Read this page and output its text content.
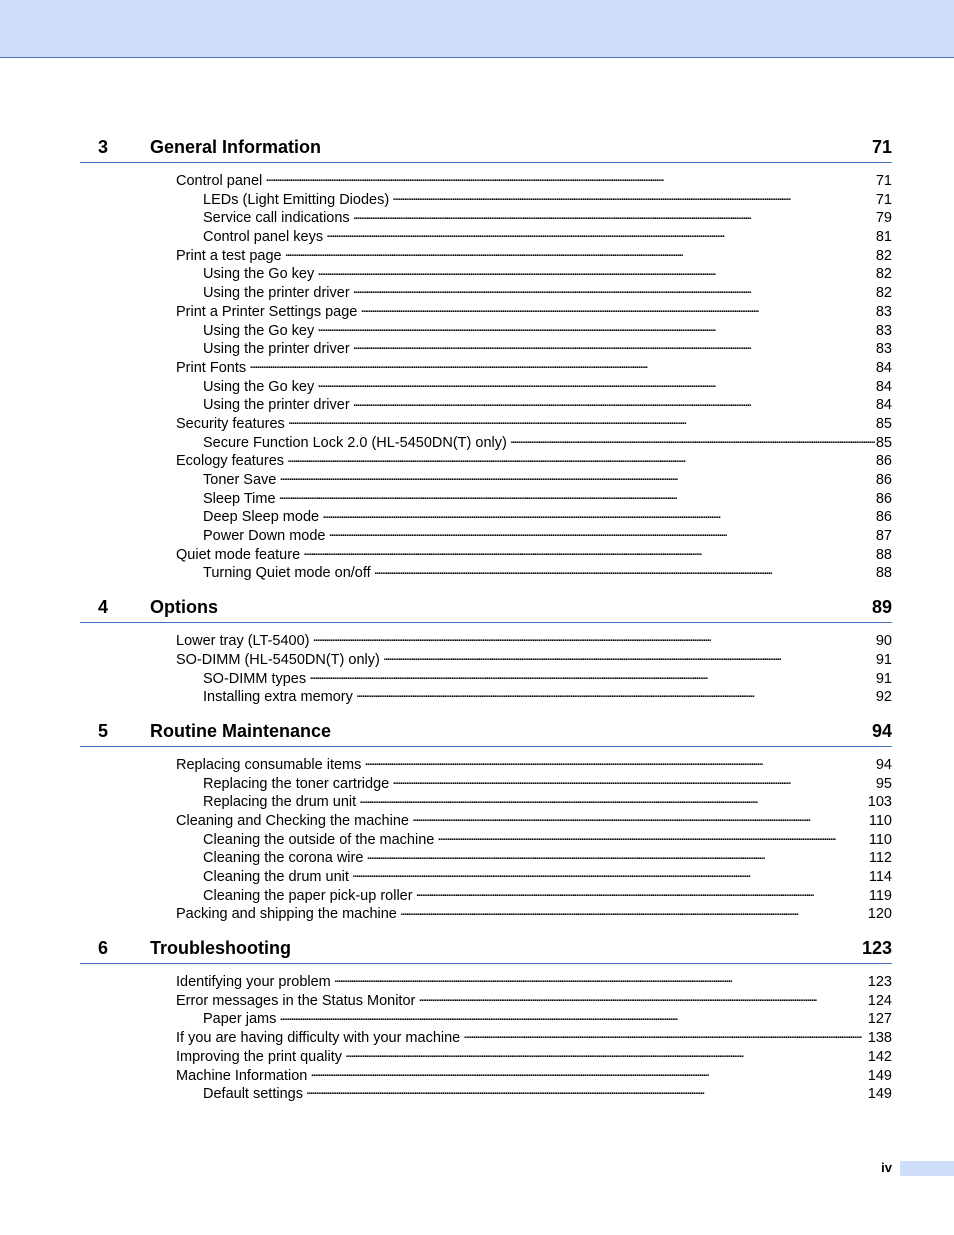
3	General Information	71
Control panel . . .	71
LEDs (Light Emitting Diodes) . . .	71
Service call indications . . .	79
Control panel keys . . .	81
Print a test page . . .	82
Using the Go key . . .	82
Using the printer driver . . .	82
Print a Printer Settings page . . .	83
Using the Go key . . .	83
Using the printer driver . . .	83
Print Fonts . . .	84
Using the Go key . . .	84
Using the printer driver . . .	84
Security features . . .	85
Secure Function Lock 2.0 (HL-5450DN(T) only) . . .	85
Ecology features . . .	86
Toner Save . . .	86
Sleep Time . . .	86
Deep Sleep mode . . .	86
Power Down mode . . .	87
Quiet mode feature . . .	88
Turning Quiet mode on/off . . .	88
4	Options	89
Lower tray (LT-5400) . . .	90
SO-DIMM (HL-5450DN(T) only) . . .	91
SO-DIMM types . . .	91
Installing extra memory . . .	92
5	Routine Maintenance	94
Replacing consumable items . . .	94
Replacing the toner cartridge . . .	95
Replacing the drum unit . . .	103
Cleaning and Checking the machine . . .	110
Cleaning the outside of the machine . . .	110
Cleaning the corona wire . . .	112
Cleaning the drum unit . . .	114
Cleaning the paper pick-up roller . . .	119
Packing and shipping the machine . . .	120
6	Troubleshooting	123
Identifying your problem . . .	123
Error messages in the Status Monitor . . .	124
Paper jams . . .	127
If you are having difficulty with your machine . . .	138
Improving the print quality . . .	142
Machine Information . . .	149
Default settings . . .	149
iv
